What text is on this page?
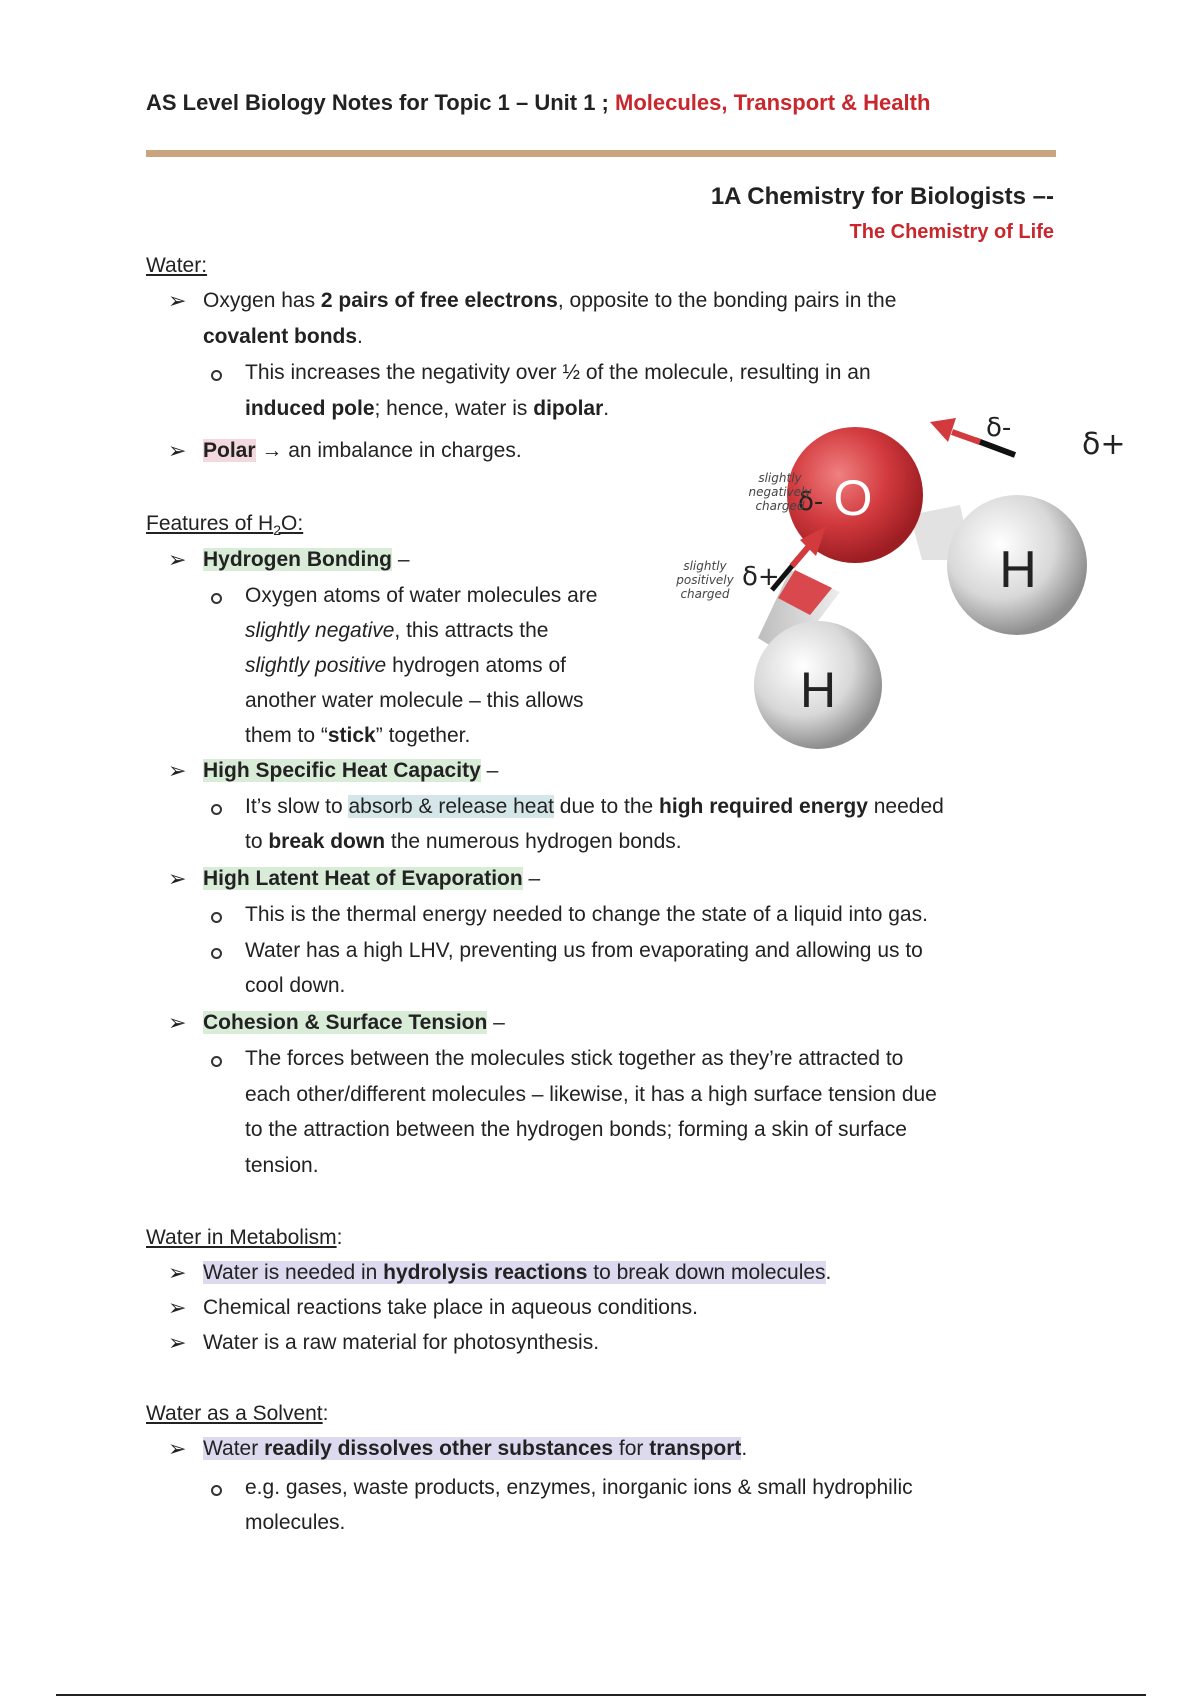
AS Level Biology Notes for Topic 1 – Unit 1 ; Molecules, Transport & Health
1A Chemistry for Biologists –-
The Chemistry of Life
Water:
➢ Oxygen has 2 pairs of free electrons, opposite to the bonding pairs in the
covalent bonds.
This increases the negativity over ½ of the molecule, resulting in an
induced pole; hence, water is dipolar.
➢ Polar → an imbalance in charges.
Features of $H_2O$:
➢ Hydrogen Bonding –
Oxygen atoms of water molecules are
slightly negative, this attracts the
slightly positive hydrogen atoms of
another water molecule – this allows
them to “stick” together.
➢ High Specific Heat Capacity –
It’s slow to absorb & release heat due to the high required energy needed
to break down the numerous hydrogen bonds.
➢ High Latent Heat of Evaporation –
This is the thermal energy needed to change the state of a liquid into gas.
Water has a high LHV, preventing us from evaporating and allowing us to
cool down.
➢ Cohesion & Surface Tension –
The forces between the molecules stick together as they’re attracted to
each other/different molecules – likewise, it has a high surface tension due
to the attraction between the hydrogen bonds; forming a skin of surface
tension.
Water in Metabolism:
➢ Water is needed in hydrolysis reactions to break down molecules.
➢ Chemical reactions take place in aqueous conditions.
➢ Water is a raw material for photosynthesis.
Water as a Solvent:
➢ Water readily dissolves other substances for transport.
e.g. gases, waste products, enzymes, inorganic ions & small hydrophilic
molecules.
O
H
H
δ-
δ+
δ- δ+
slightly
negatively
charged
slightly
positively
charged
